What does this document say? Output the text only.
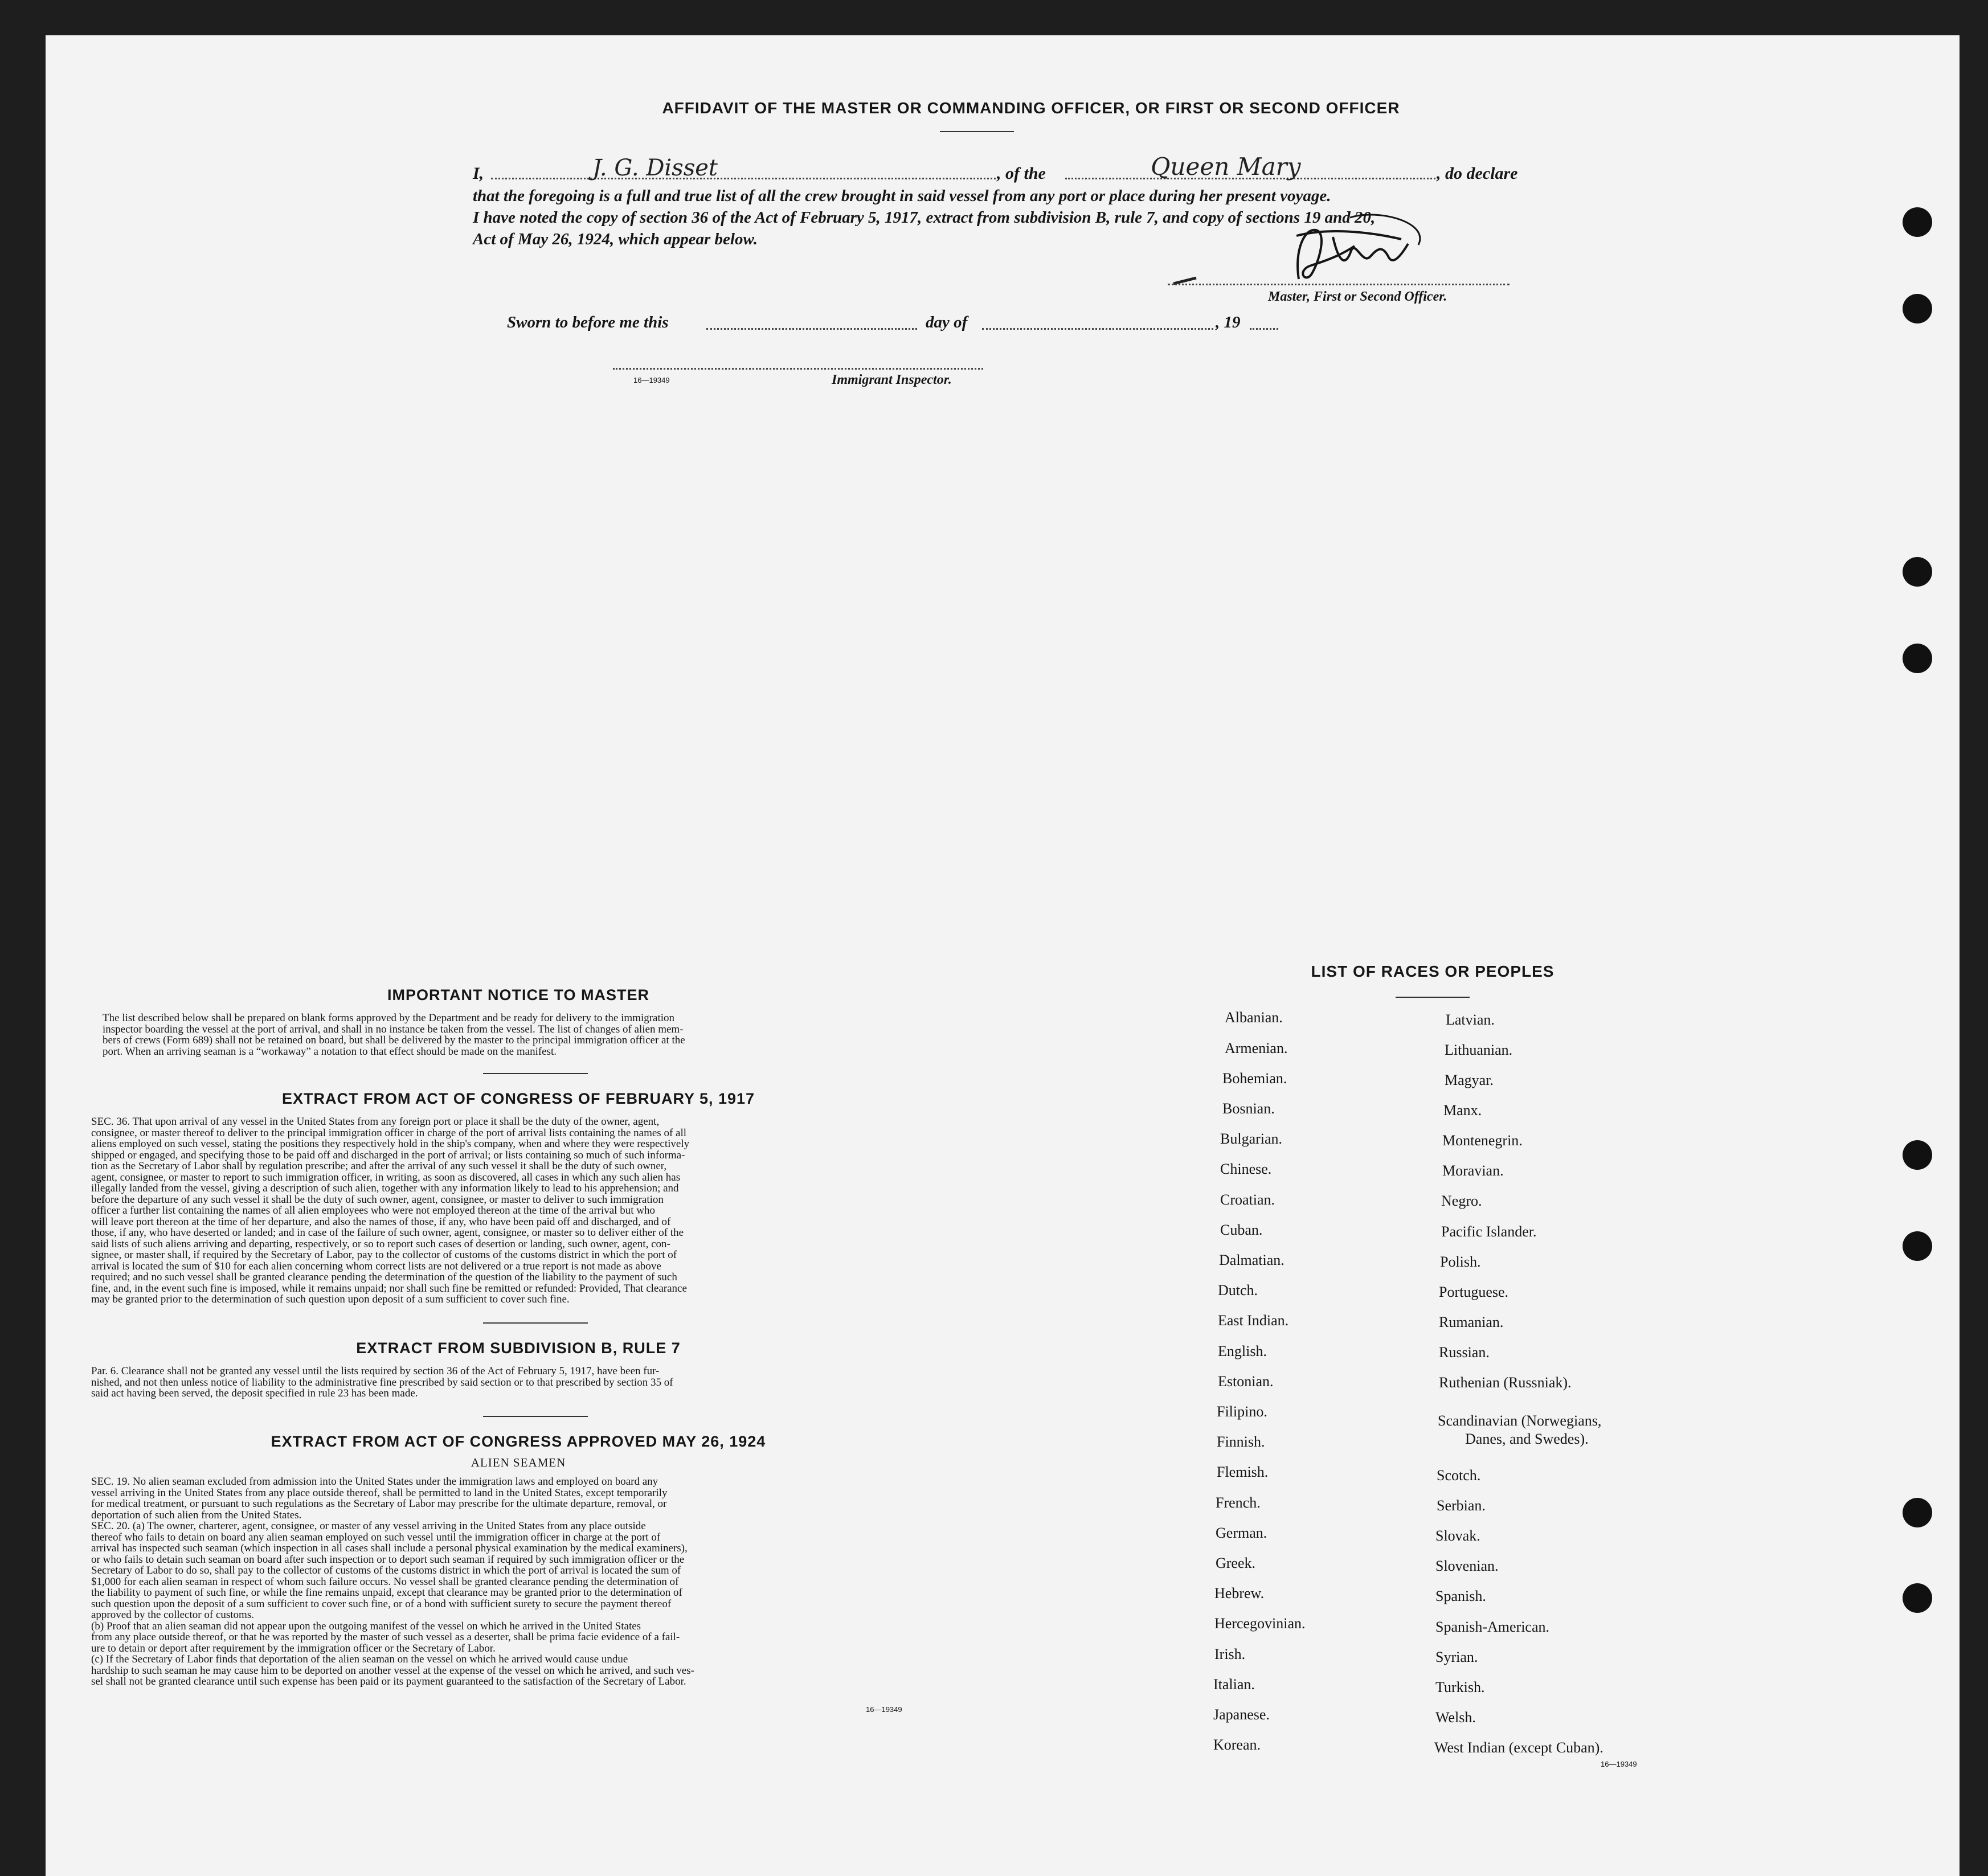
AFFIDAVIT OF THE MASTER OR COMMANDING OFFICER, OR FIRST OR SECOND OFFICER
I,	J. G. Disset	, of the	Queen Mary	, do declare
that the foregoing is a full and true list of all the crew brought in said vessel from any port or place during her present voyage.
I have noted the copy of section 36 of the Act of February 5, 1917, extract from subdivision B, rule 7, and copy of sections 19 and 20,
Act of May 26, 1924, which appear below.
Master, First or Second Officer.
Sworn to before me this	day of	, 19
16—19349	Immigrant Inspector.
IMPORTANT NOTICE TO MASTER
The list described below shall be prepared on blank forms approved by the Department and be ready for delivery to the immigration
inspector boarding the vessel at the port of arrival, and shall in no instance be taken from the vessel. The list of changes of alien mem-
bers of crews (Form 689) shall not be retained on board, but shall be delivered by the master to the principal immigration officer at the
port. When an arriving seaman is a “workaway” a notation to that effect should be made on the manifest.
EXTRACT FROM ACT OF CONGRESS OF FEBRUARY 5, 1917
SEC. 36. That upon arrival of any vessel in the United States from any foreign port or place it shall be the duty of the owner, agent,
consignee, or master thereof to deliver to the principal immigration officer in charge of the port of arrival lists containing the names of all
aliens employed on such vessel, stating the positions they respectively hold in the ship's company, when and where they were respectively
shipped or engaged, and specifying those to be paid off and discharged in the port of arrival; or lists containing so much of such informa-
tion as the Secretary of Labor shall by regulation prescribe; and after the arrival of any such vessel it shall be the duty of such owner,
agent, consignee, or master to report to such immigration officer, in writing, as soon as discovered, all cases in which any such alien has
illegally landed from the vessel, giving a description of such alien, together with any information likely to lead to his apprehension; and
before the departure of any such vessel it shall be the duty of such owner, agent, consignee, or master to deliver to such immigration
officer a further list containing the names of all alien employees who were not employed thereon at the time of the arrival but who
will leave port thereon at the time of her departure, and also the names of those, if any, who have been paid off and discharged, and of
those, if any, who have deserted or landed; and in case of the failure of such owner, agent, consignee, or master so to deliver either of the
said lists of such aliens arriving and departing, respectively, or so to report such cases of desertion or landing, such owner, agent, con-
signee, or master shall, if required by the Secretary of Labor, pay to the collector of customs of the customs district in which the port of
arrival is located the sum of $10 for each alien concerning whom correct lists are not delivered or a true report is not made as above
required; and no such vessel shall be granted clearance pending the determination of the question of the liability to the payment of such
fine, and, in the event such fine is imposed, while it remains unpaid; nor shall such fine be remitted or refunded: Provided, That clearance
may be granted prior to the determination of such question upon deposit of a sum sufficient to cover such fine.
EXTRACT FROM SUBDIVISION B, RULE 7
Par. 6. Clearance shall not be granted any vessel until the lists required by section 36 of the Act of February 5, 1917, have been fur-
nished, and not then unless notice of liability to the administrative fine prescribed by said section or to that prescribed by section 35 of
said act having been served, the deposit specified in rule 23 has been made.
EXTRACT FROM ACT OF CONGRESS APPROVED MAY 26, 1924
ALIEN SEAMEN
SEC. 19. No alien seaman excluded from admission into the United States under the immigration laws and employed on board any
vessel arriving in the United States from any place outside thereof, shall be permitted to land in the United States, except temporarily
for medical treatment, or pursuant to such regulations as the Secretary of Labor may prescribe for the ultimate departure, removal, or
deportation of such alien from the United States.
SEC. 20. (a) The owner, charterer, agent, consignee, or master of any vessel arriving in the United States from any place outside
thereof who fails to detain on board any alien seaman employed on such vessel until the immigration officer in charge at the port of
arrival has inspected such seaman (which inspection in all cases shall include a personal physical examination by the medical examiners),
or who fails to detain such seaman on board after such inspection or to deport such seaman if required by such immigration officer or the
Secretary of Labor to do so, shall pay to the collector of customs of the customs district in which the port of arrival is located the sum of
$1,000 for each alien seaman in respect of whom such failure occurs. No vessel shall be granted clearance pending the determination of
the liability to payment of such fine, or while the fine remains unpaid, except that clearance may be granted prior to the determination of
such question upon the deposit of a sum sufficient to cover such fine, or of a bond with sufficient surety to secure the payment thereof
approved by the collector of customs.
(b) Proof that an alien seaman did not appear upon the outgoing manifest of the vessel on which he arrived in the United States
from any place outside thereof, or that he was reported by the master of such vessel as a deserter, shall be prima facie evidence of a fail-
ure to detain or deport after requirement by the immigration officer or the Secretary of Labor.
(c) If the Secretary of Labor finds that deportation of the alien seaman on the vessel on which he arrived would cause undue
hardship to such seaman he may cause him to be deported on another vessel at the expense of the vessel on which he arrived, and such ves-
sel shall not be granted clearance until such expense has been paid or its payment guaranteed to the satisfaction of the Secretary of Labor.
16—19349
LIST OF RACES OR PEOPLES
Albanian.
Armenian.
Bohemian.
Bosnian.
Bulgarian.
Chinese.
Croatian.
Cuban.
Dalmatian.
Dutch.
East Indian.
English.
Estonian.
Filipino.
Finnish.
Flemish.
French.
German.
Greek.
Hebrew.
Hercegovinian.
Irish.
Italian.
Japanese.
Korean.
Latvian.
Lithuanian.
Magyar.
Manx.
Montenegrin.
Moravian.
Negro.
Pacific Islander.
Polish.
Portuguese.
Rumanian.
Russian.
Ruthenian (Russniak).
Scandinavian (Norwegians,
Danes, and Swedes).
Scotch.
Serbian.
Slovak.
Slovenian.
Spanish.
Spanish-American.
Syrian.
Turkish.
Welsh.
West Indian (except Cuban).
16—19349
